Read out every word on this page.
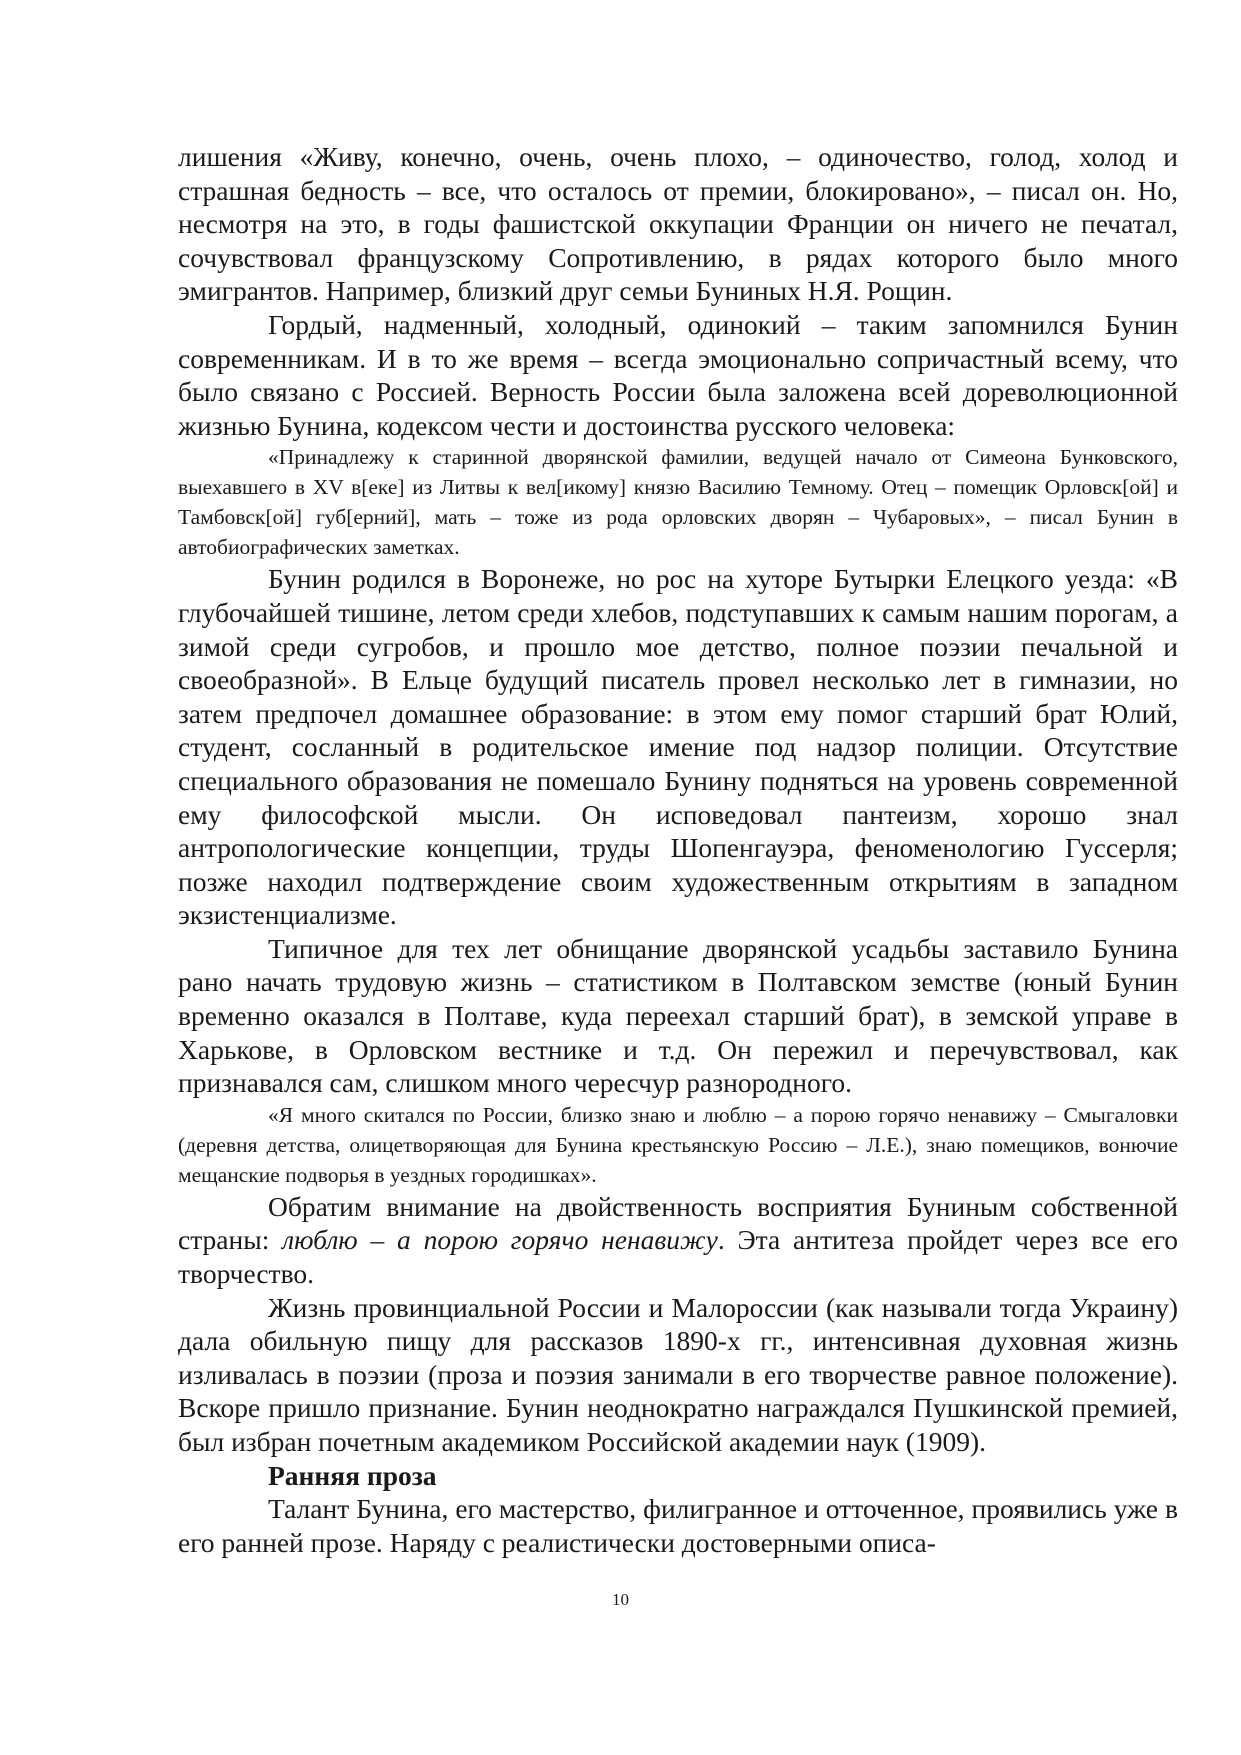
лишения «Живу, конечно, очень, очень плохо, – одиночество, голод, холод и страшная бедность – все, что осталось от премии, блокировано», – писал он. Но, несмотря на это, в годы фашистской оккупации Франции он ничего не печатал, сочувствовал французскому Сопротивлению, в рядах которого было много эмигрантов. Например, близкий друг семьи Буниных Н.Я. Рощин.

Гордый, надменный, холодный, одинокий – таким запомнился Бунин современникам. И в то же время – всегда эмоционально сопричастный всему, что было связано с Россией. Верность России была заложена всей дореволюционной жизнью Бунина, кодексом чести и достоинства русского человека:

«Принадлежу к старинной дворянской фамилии, ведущей начало от Симеона Бунковского, выехавшего в XV в[еке] из Литвы к вел[икому] князю Василию Темному. Отец – помещик Орловск[ой] и Тамбовск[ой] губ[ерний], мать – тоже из рода орловских дворян – Чубаровых», – писал Бунин в автобиографических заметках.

Бунин родился в Воронеже, но рос на хуторе Бутырки Елецкого уезда: «В глубочайшей тишине, летом среди хлебов, подступавших к самым нашим порогам, а зимой среди сугробов, и прошло мое детство, полное поэзии печальной и своеобразной». В Ельце будущий писатель провел несколько лет в гимназии, но затем предпочел домашнее образование: в этом ему помог старший брат Юлий, студент, сосланный в родительское имение под надзор полиции. Отсутствие специального образования не помешало Бунину подняться на уровень современной ему философской мысли. Он исповедовал пантеизм, хорошо знал антропологические концепции, труды Шопенгауэра, феноменологию Гуссерля; позже находил подтверждение своим художественным открытиям в западном экзистенциализме.

Типичное для тех лет обнищание дворянской усадьбы заставило Бунина рано начать трудовую жизнь – статистиком в Полтавском земстве (юный Бунин временно оказался в Полтаве, куда переехал старший брат), в земской управе в Харькове, в Орловском вестнике и т.д. Он пережил и перечувствовал, как признавался сам, слишком много чересчур разнородного.

«Я много скитался по России, близко знаю и люблю – а порою горячо ненавижу – Смыгаловки (деревня детства, олицетворяющая для Бунина крестьянскую Россию – Л.Е.), знаю помещиков, вонючие мещанские подворья в уездных городишках».

Обратим внимание на двойственность восприятия Буниным собственной страны: люблю – а порою горячо ненавижу. Эта антитеза пройдет через все его творчество.

Жизнь провинциальной России и Малороссии (как называли тогда Украину) дала обильную пищу для рассказов 1890-х гг., интенсивная духовная жизнь изливалась в поэзии (проза и поэзия занимали в его творчестве равное положение). Вскоре пришло признание. Бунин неоднократно награждался Пушкинской премией, был избран почетным академиком Российской академии наук (1909).

Ранняя проза

Талант Бунина, его мастерство, филигранное и отточенное, проявились уже в его ранней прозе. Наряду с реалистически достоверными описа-

10
